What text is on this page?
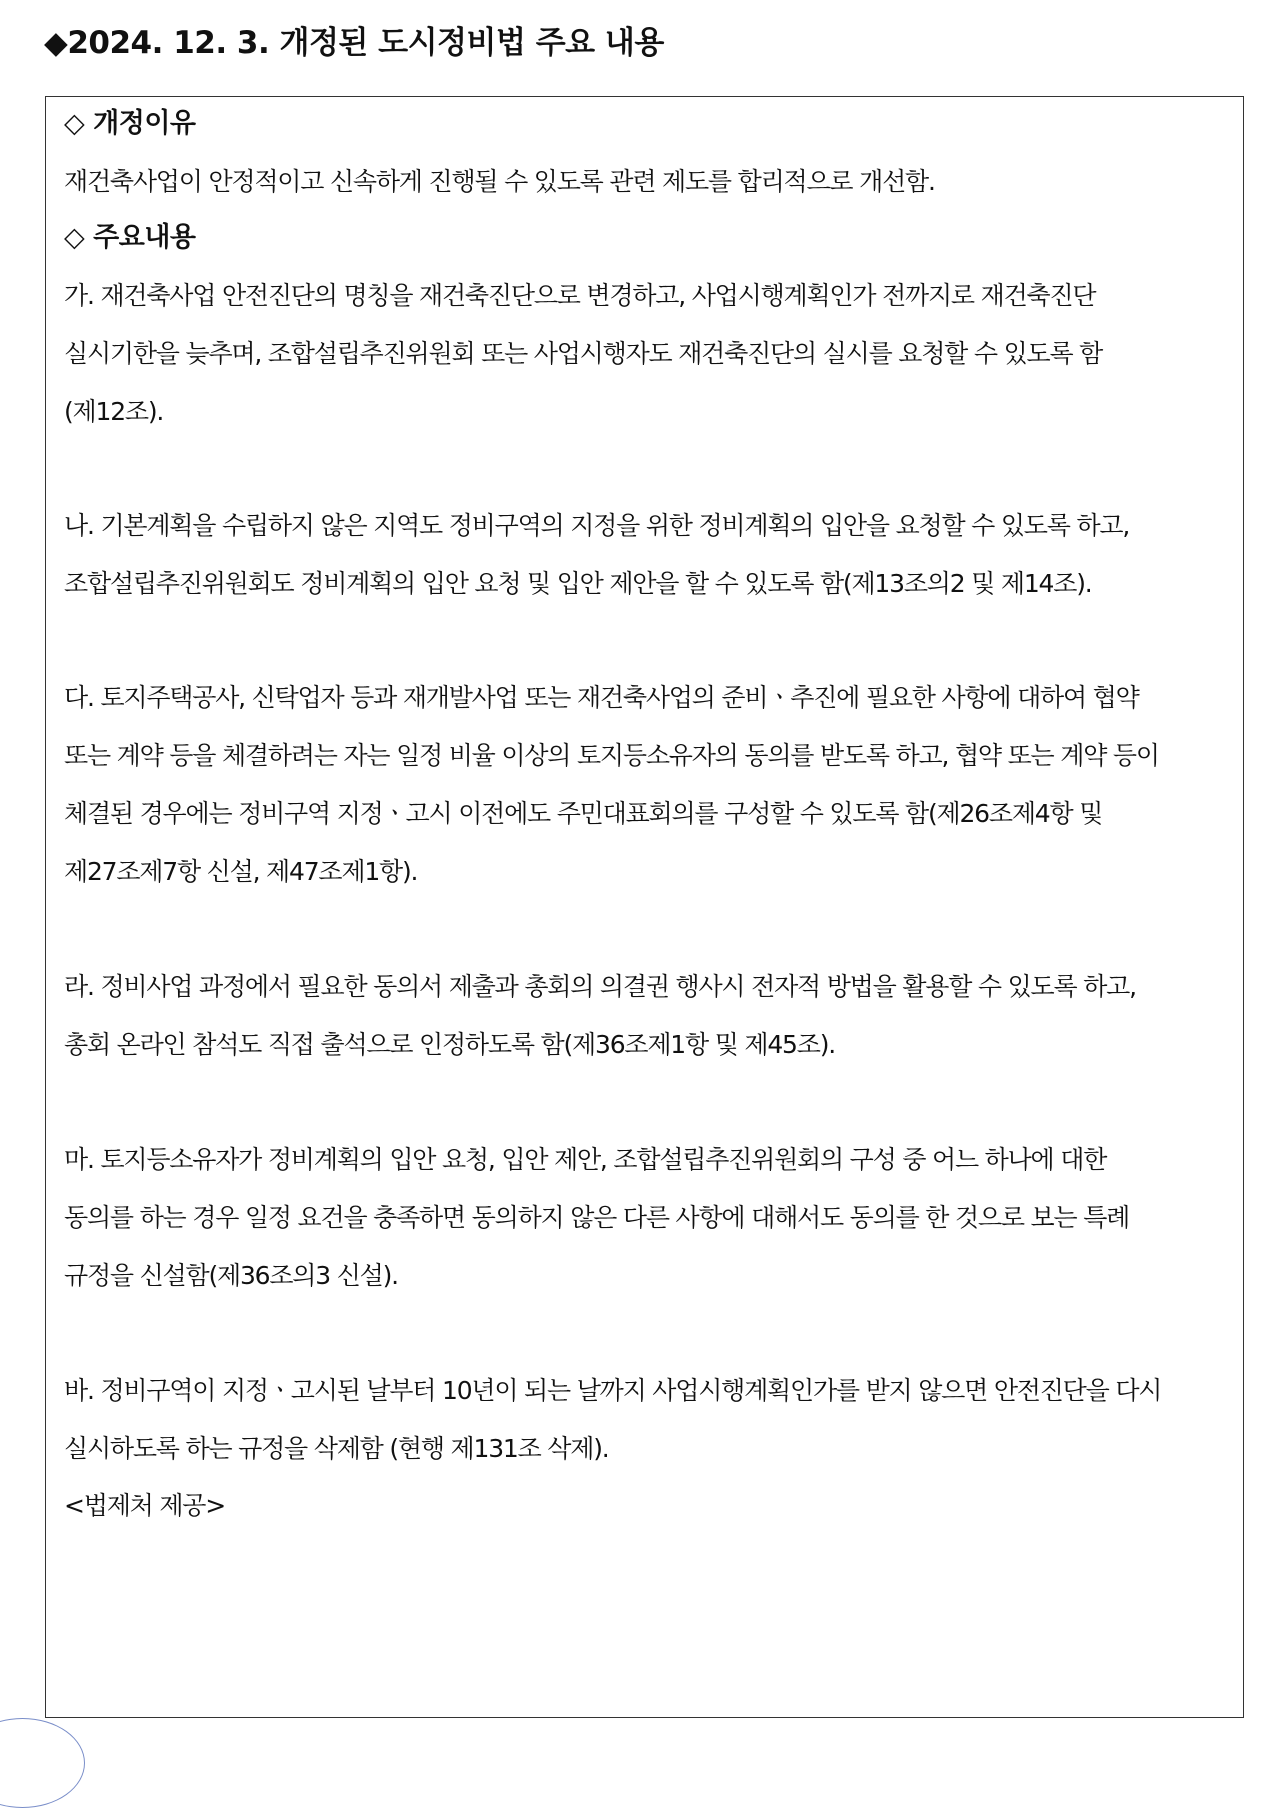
◆2024. 12. 3. 개정된 도시정비법 주요 내용
◇ 개정이유
재건축사업이 안정적이고 신속하게 진행될 수 있도록 관련 제도를 합리적으로 개선함.
◇ 주요내용
가. 재건축사업 안전진단의 명칭을 재건축진단으로 변경하고, 사업시행계획인가 전까지로 재건축진단
실시기한을 늦추며, 조합설립추진위원회 또는 사업시행자도 재건축진단의 실시를 요청할 수 있도록 함
(제12조).
나. 기본계획을 수립하지 않은 지역도 정비구역의 지정을 위한 정비계획의 입안을 요청할 수 있도록 하고,
조합설립추진위원회도 정비계획의 입안 요청 및 입안 제안을 할 수 있도록 함(제13조의2 및 제14조).
다. 토지주택공사, 신탁업자 등과 재개발사업 또는 재건축사업의 준비ㆍ추진에 필요한 사항에 대하여 협약
또는 계약 등을 체결하려는 자는 일정 비율 이상의 토지등소유자의 동의를 받도록 하고, 협약 또는 계약 등이
체결된 경우에는 정비구역 지정ㆍ고시 이전에도 주민대표회의를 구성할 수 있도록 함(제26조제4항 및
제27조제7항 신설, 제47조제1항).
라. 정비사업 과정에서 필요한 동의서 제출과 총회의 의결권 행사시 전자적 방법을 활용할 수 있도록 하고,
총회 온라인 참석도 직접 출석으로 인정하도록 함(제36조제1항 및 제45조).
마. 토지등소유자가 정비계획의 입안 요청, 입안 제안, 조합설립추진위원회의 구성 중 어느 하나에 대한
동의를 하는 경우 일정 요건을 충족하면 동의하지 않은 다른 사항에 대해서도 동의를 한 것으로 보는 특례
규정을 신설함(제36조의3 신설).
바. 정비구역이 지정ㆍ고시된 날부터 10년이 되는 날까지 사업시행계획인가를 받지 않으면 안전진단을 다시
실시하도록 하는 규정을 삭제함 (현행 제131조 삭제).
<법제처 제공>
